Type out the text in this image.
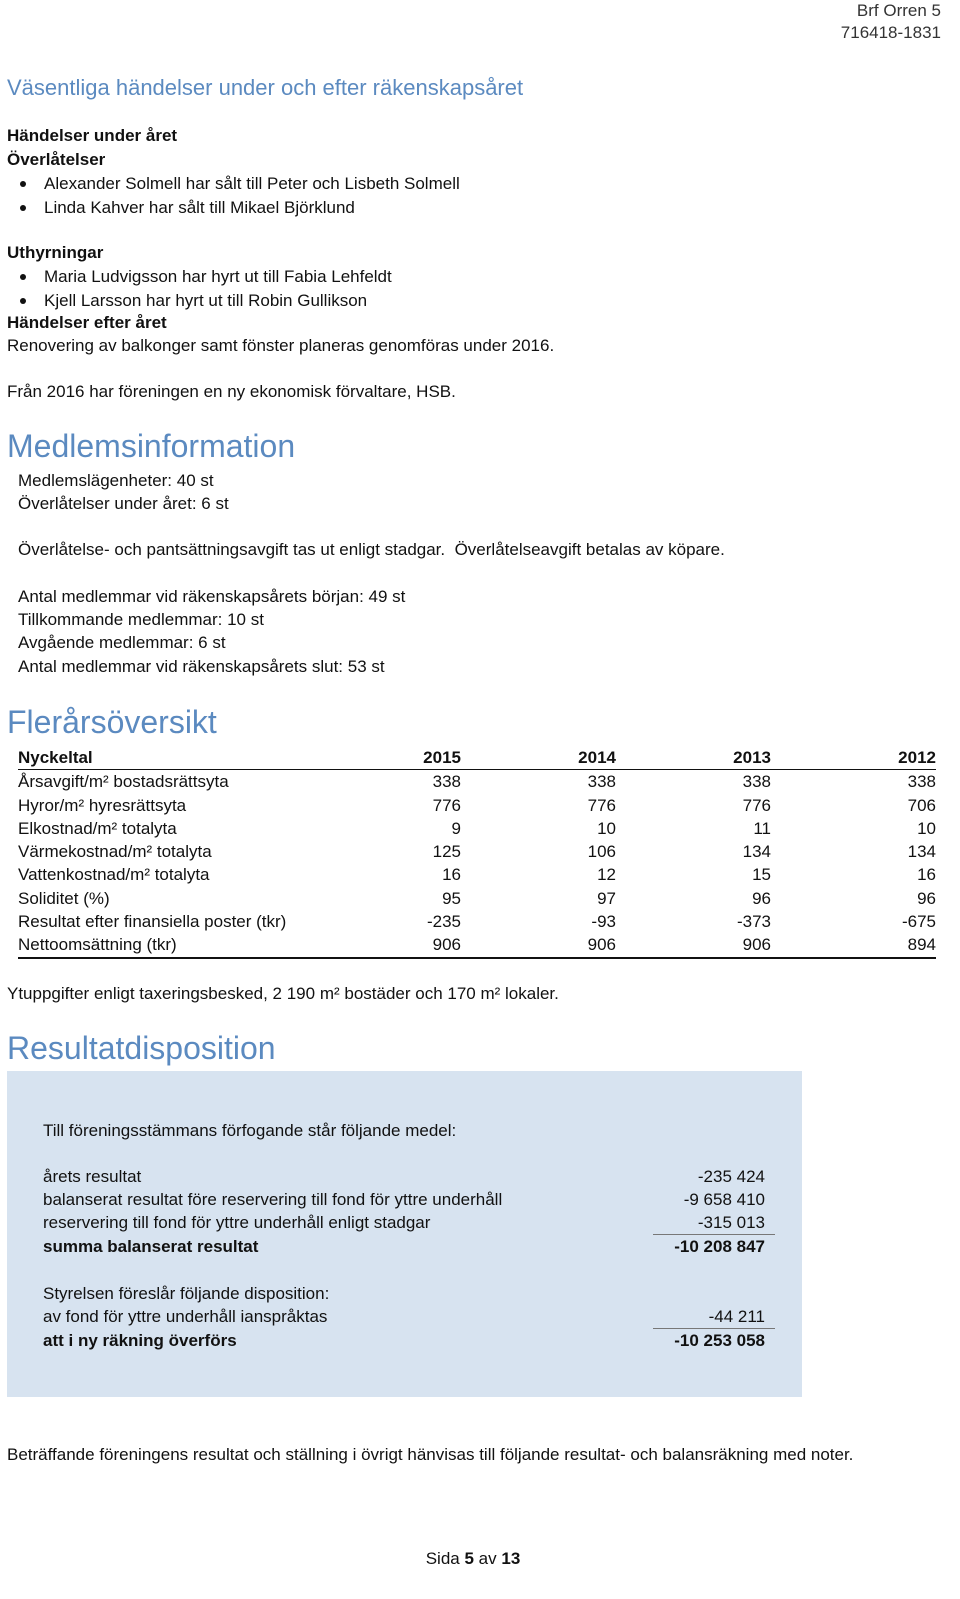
Brf Orren 5
716418-1831
Väsentliga händelser under och efter räkenskapsåret
Händelser under året
Överlåtelser
Alexander Solmell har sålt till Peter och Lisbeth Solmell
Linda Kahver har sålt till Mikael Björklund
Uthyrningar
Maria Ludvigsson har hyrt ut till Fabia Lehfeldt
Kjell Larsson har hyrt ut till Robin Gullikson
Händelser efter året
Renovering av balkonger samt fönster planeras genomföras under 2016.
Från 2016 har föreningen en ny ekonomisk förvaltare, HSB.
Medlemsinformation
Medlemslägenheter: 40 st
Överlåtelser under året: 6 st
Överlåtelse- och pantsättningsavgift tas ut enligt stadgar.  Överlåtelseavgift betalas av köpare.
Antal medlemmar vid räkenskapsårets början: 49 st
Tillkommande medlemmar: 10 st
Avgående medlemmar: 6 st
Antal medlemmar vid räkenskapsårets slut: 53 st
Flerårsöversikt
Nyckeltal	2015	2014	2013	2012
Årsavgift/m² bostadsrättsyta	338	338	338	338
Hyror/m² hyresrättsyta	776	776	776	706
Elkostnad/m² totalyta	9	10	11	10
Värmekostnad/m² totalyta	125	106	134	134
Vattenkostnad/m² totalyta	16	12	15	16
Soliditet (%)	95	97	96	96
Resultat efter finansiella poster (tkr)	-235	-93	-373	-675
Nettoomsättning (tkr)	906	906	906	894
Ytuppgifter enligt taxeringsbesked, 2 190 m² bostäder och 170 m² lokaler.
Resultatdisposition
Till föreningsstämmans förfogande står följande medel:
årets resultat	-235 424
balanserat resultat före reservering till fond för yttre underhåll	-9 658 410
reservering till fond för yttre underhåll enligt stadgar	-315 013
summa balanserat resultat	-10 208 847
Styrelsen föreslår följande disposition:
av fond för yttre underhåll ianspråktas	-44 211
att i ny räkning överförs	-10 253 058
Beträffande föreningens resultat och ställning i övrigt hänvisas till följande resultat- och balansräkning med noter.
Sida 5 av 13
